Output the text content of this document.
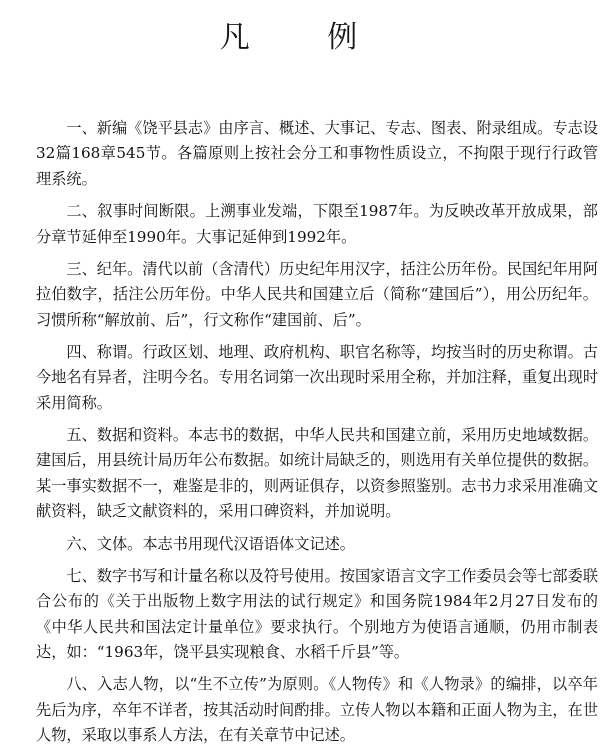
凡 例

一、新编《饶平县志》由序言、概述、大事记、专志、图表、附录组成。专志设32篇168章545节。各篇原则上按社会分工和事物性质设立，不拘限于现行行政管理系统。

二、叙事时间断限。上溯事业发端，下限至1987年。为反映改革开放成果，部分章节延伸至1990年。大事记延伸到1992年。

三、纪年。清代以前（含清代）历史纪年用汉字，括注公历年份。民国纪年用阿拉伯数字，括注公历年份。中华人民共和国建立后（简称“建国后”），用公历纪年。习惯所称“解放前、后”，行文称作“建国前、后”。

四、称谓。行政区划、地理、政府机构、职官名称等，均按当时的历史称谓。古今地名有异者，注明今名。专用名词第一次出现时采用全称，并加注释，重复出现时采用简称。

五、数据和资料。本志书的数据，中华人民共和国建立前，采用历史地域数据。建国后，用县统计局历年公布数据。如统计局缺乏的，则选用有关单位提供的数据。某一事实数据不一，难鉴是非的，则两证俱存，以资参照鉴别。志书力求采用准确文献资料，缺乏文献资料的，采用口碑资料，并加说明。

六、文体。本志书用现代汉语语体文记述。

七、数字书写和计量名称以及符号使用。按国家语言文字工作委员会等七部委联合公布的《关于出版物上数字用法的试行规定》和国务院1984年2月27日发布的《中华人民共和国法定计量单位》要求执行。个别地方为使语言通顺，仍用市制表达，如：“1963年，饶平县实现粮食、水稻千斤县”等。

八、入志人物，以“生不立传”为原则。《人物传》和《人物录》的编排，以卒年先后为序，卒年不详者，按其活动时间酌排。立传人物以本籍和正面人物为主，在世人物，采取以事系人方法，在有关章节中记述。
